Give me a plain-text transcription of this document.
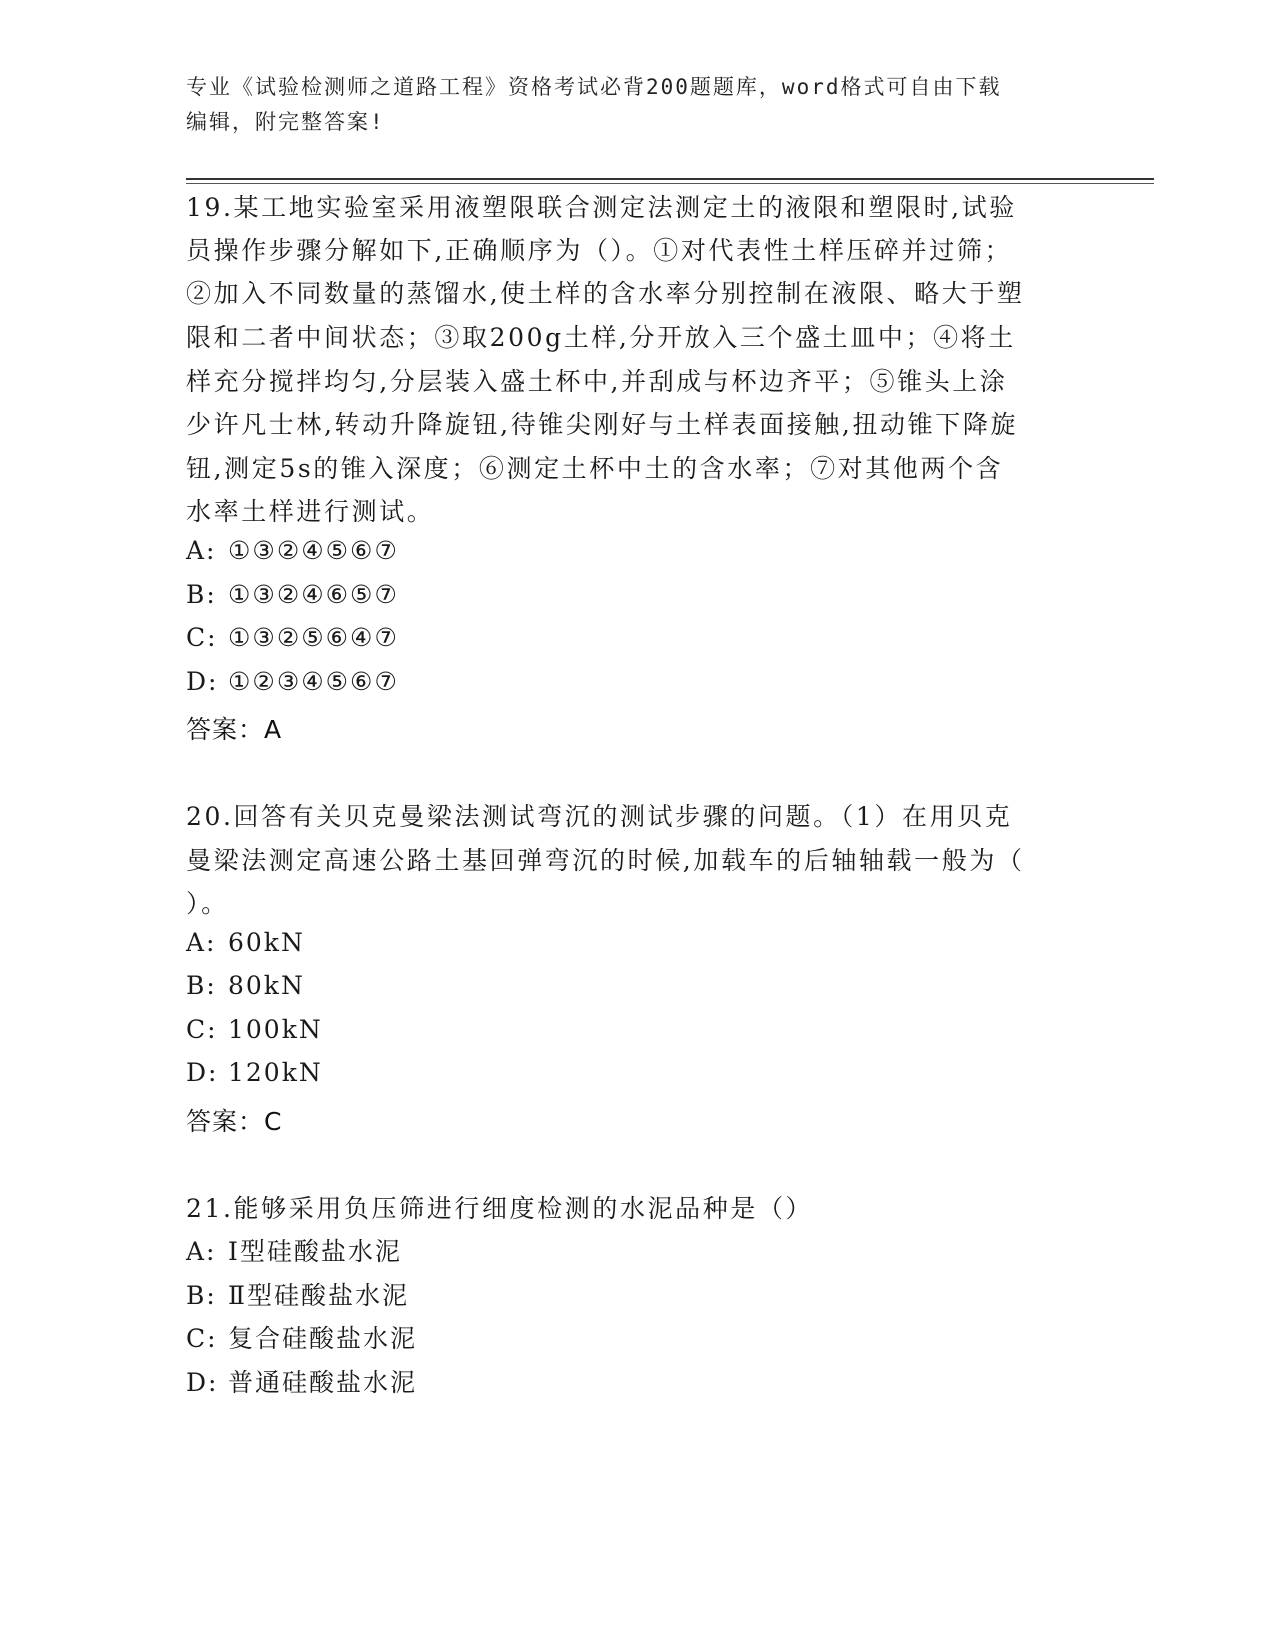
专业《试验检测师之道路工程》资格考试必背200题题库，word格式可自由下载
编辑，附完整答案!
19.某工地实验室采用液塑限联合测定法测定土的液限和塑限时,试验
员操作步骤分解如下,正确顺序为（）。①对代表性土样压碎并过筛；
②加入不同数量的蒸馏水,使土样的含水率分别控制在液限、略大于塑
限和二者中间状态；③取200g土样,分开放入三个盛土皿中；④将土
样充分搅拌均匀,分层装入盛土杯中,并刮成与杯边齐平；⑤锥头上涂
少许凡士林,转动升降旋钮,待锥尖刚好与土样表面接触,扭动锥下降旋
钮,测定5s的锥入深度；⑥测定土杯中土的含水率；⑦对其他两个含
水率土样进行测试。
A: ①③②④⑤⑥⑦
B: ①③②④⑥⑤⑦
C: ①③②⑤⑥④⑦
D: ①②③④⑤⑥⑦
答案：A
20.回答有关贝克曼梁法测试弯沉的测试步骤的问题。（1）在用贝克
曼梁法测定高速公路土基回弹弯沉的时候,加载车的后轴轴载一般为（
）。
A: 60kN
B: 80kN
C: 100kN
D: 120kN
答案：C
21.能够采用负压筛进行细度检测的水泥品种是（）
A: Ⅰ型硅酸盐水泥
B: Ⅱ型硅酸盐水泥
C: 复合硅酸盐水泥
D: 普通硅酸盐水泥
